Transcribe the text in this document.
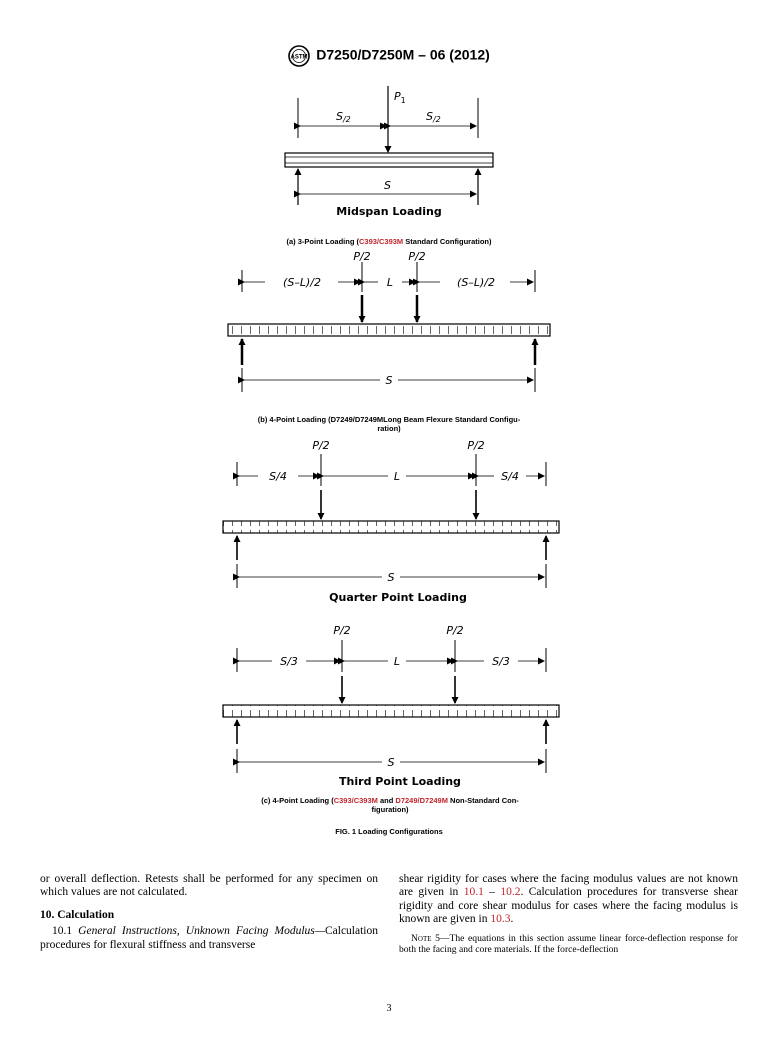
ASTM D7250/D7250M – 06 (2012)
$P_1$
S/2	S/2
S
Midspan Loading
(a) 3-Point Loading (C393/C393M Standard Configuration)
P/2	P/2
(S–L)/2	L	(S–L)/2
S
(b) 4-Point Loading (D7249/D7249MLong Beam Flexure Standard Configu-
ration)
P/2	P/2
S/4	L	S/4
S
Quarter Point Loading
P/2	P/2
S/3	L	S/3
S
Third Point Loading
(c) 4-Point Loading (C393/C393M and D7249/D7249M Non-Standard Con-
figuration)
FIG. 1 Loading Configurations

or overall deflection. Retests shall be performed for any specimen on which values are not calculated.

10. Calculation

10.1 General Instructions, Unknown Facing Modulus—Calculation procedures for flexural stiffness and transverse

shear rigidity for cases where the facing modulus values are not known are given in 10.1 – 10.2. Calculation procedures for transverse shear rigidity and core shear modulus for cases where the facing modulus is known are given in 10.3.

Note 5—The equations in this section assume linear force-deflection response for both the facing and core materials. If the force-deflection

3
